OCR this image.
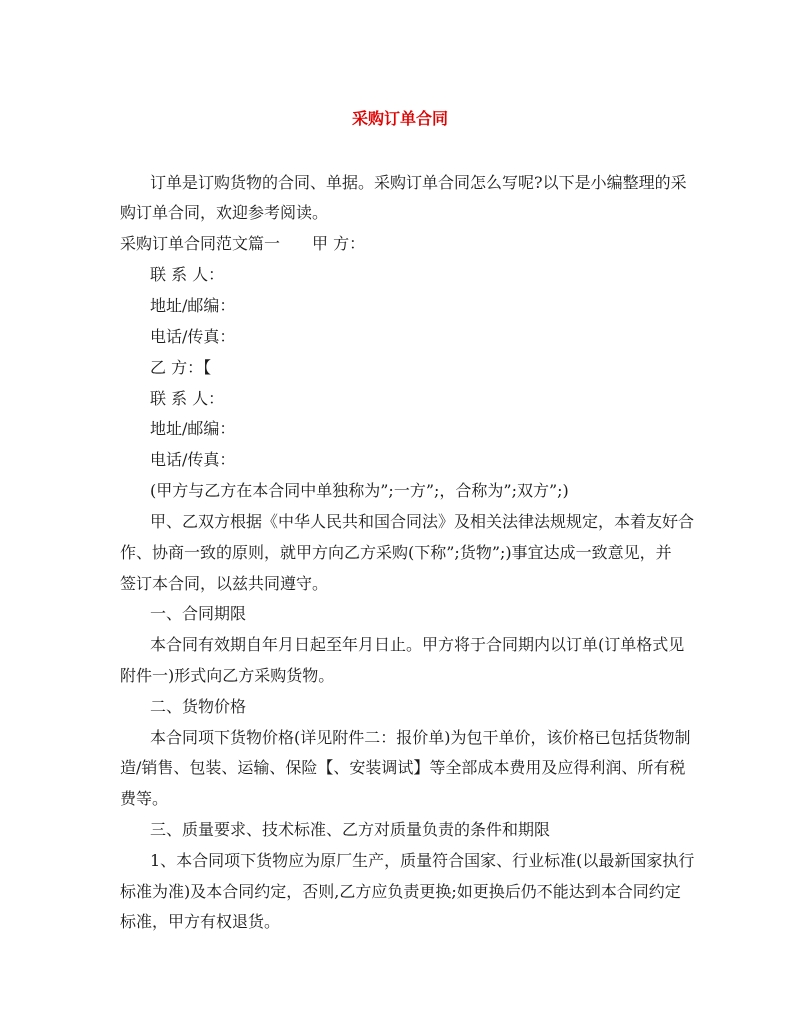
采购订单合同
订单是订购货物的合同、单据。采购订单合同怎么写呢?以下是小编整理的采
购订单合同，欢迎参考阅读。
采购订单合同范文篇一　　甲 方：
联 系 人：
地址/邮编：
电话/传真：
乙 方：【
联 系 人：
地址/邮编：
电话/传真：
(甲方与乙方在本合同中单独称为”;一方”;，合称为”;双方”;)
甲、乙双方根据《中华人民共和国合同法》及相关法律法规规定，本着友好合
作、协商一致的原则，就甲方向乙方采购(下称”;货物”;)事宜达成一致意见，并
签订本合同，以兹共同遵守。
一、合同期限
本合同有效期自年月日起至年月日止。甲方将于合同期内以订单(订单格式见
附件一)形式向乙方采购货物。
二、货物价格
本合同项下货物价格(详见附件二：报价单)为包干单价，该价格已包括货物制
造/销售、包装、运输、保险【、安装调试】等全部成本费用及应得利润、所有税
费等。
三、质量要求、技术标准、乙方对质量负责的条件和期限
1、本合同项下货物应为原厂生产，质量符合国家、行业标准(以最新国家执行
标准为准)及本合同约定，否则,乙方应负责更换;如更换后仍不能达到本合同约定
标准，甲方有权退货。
